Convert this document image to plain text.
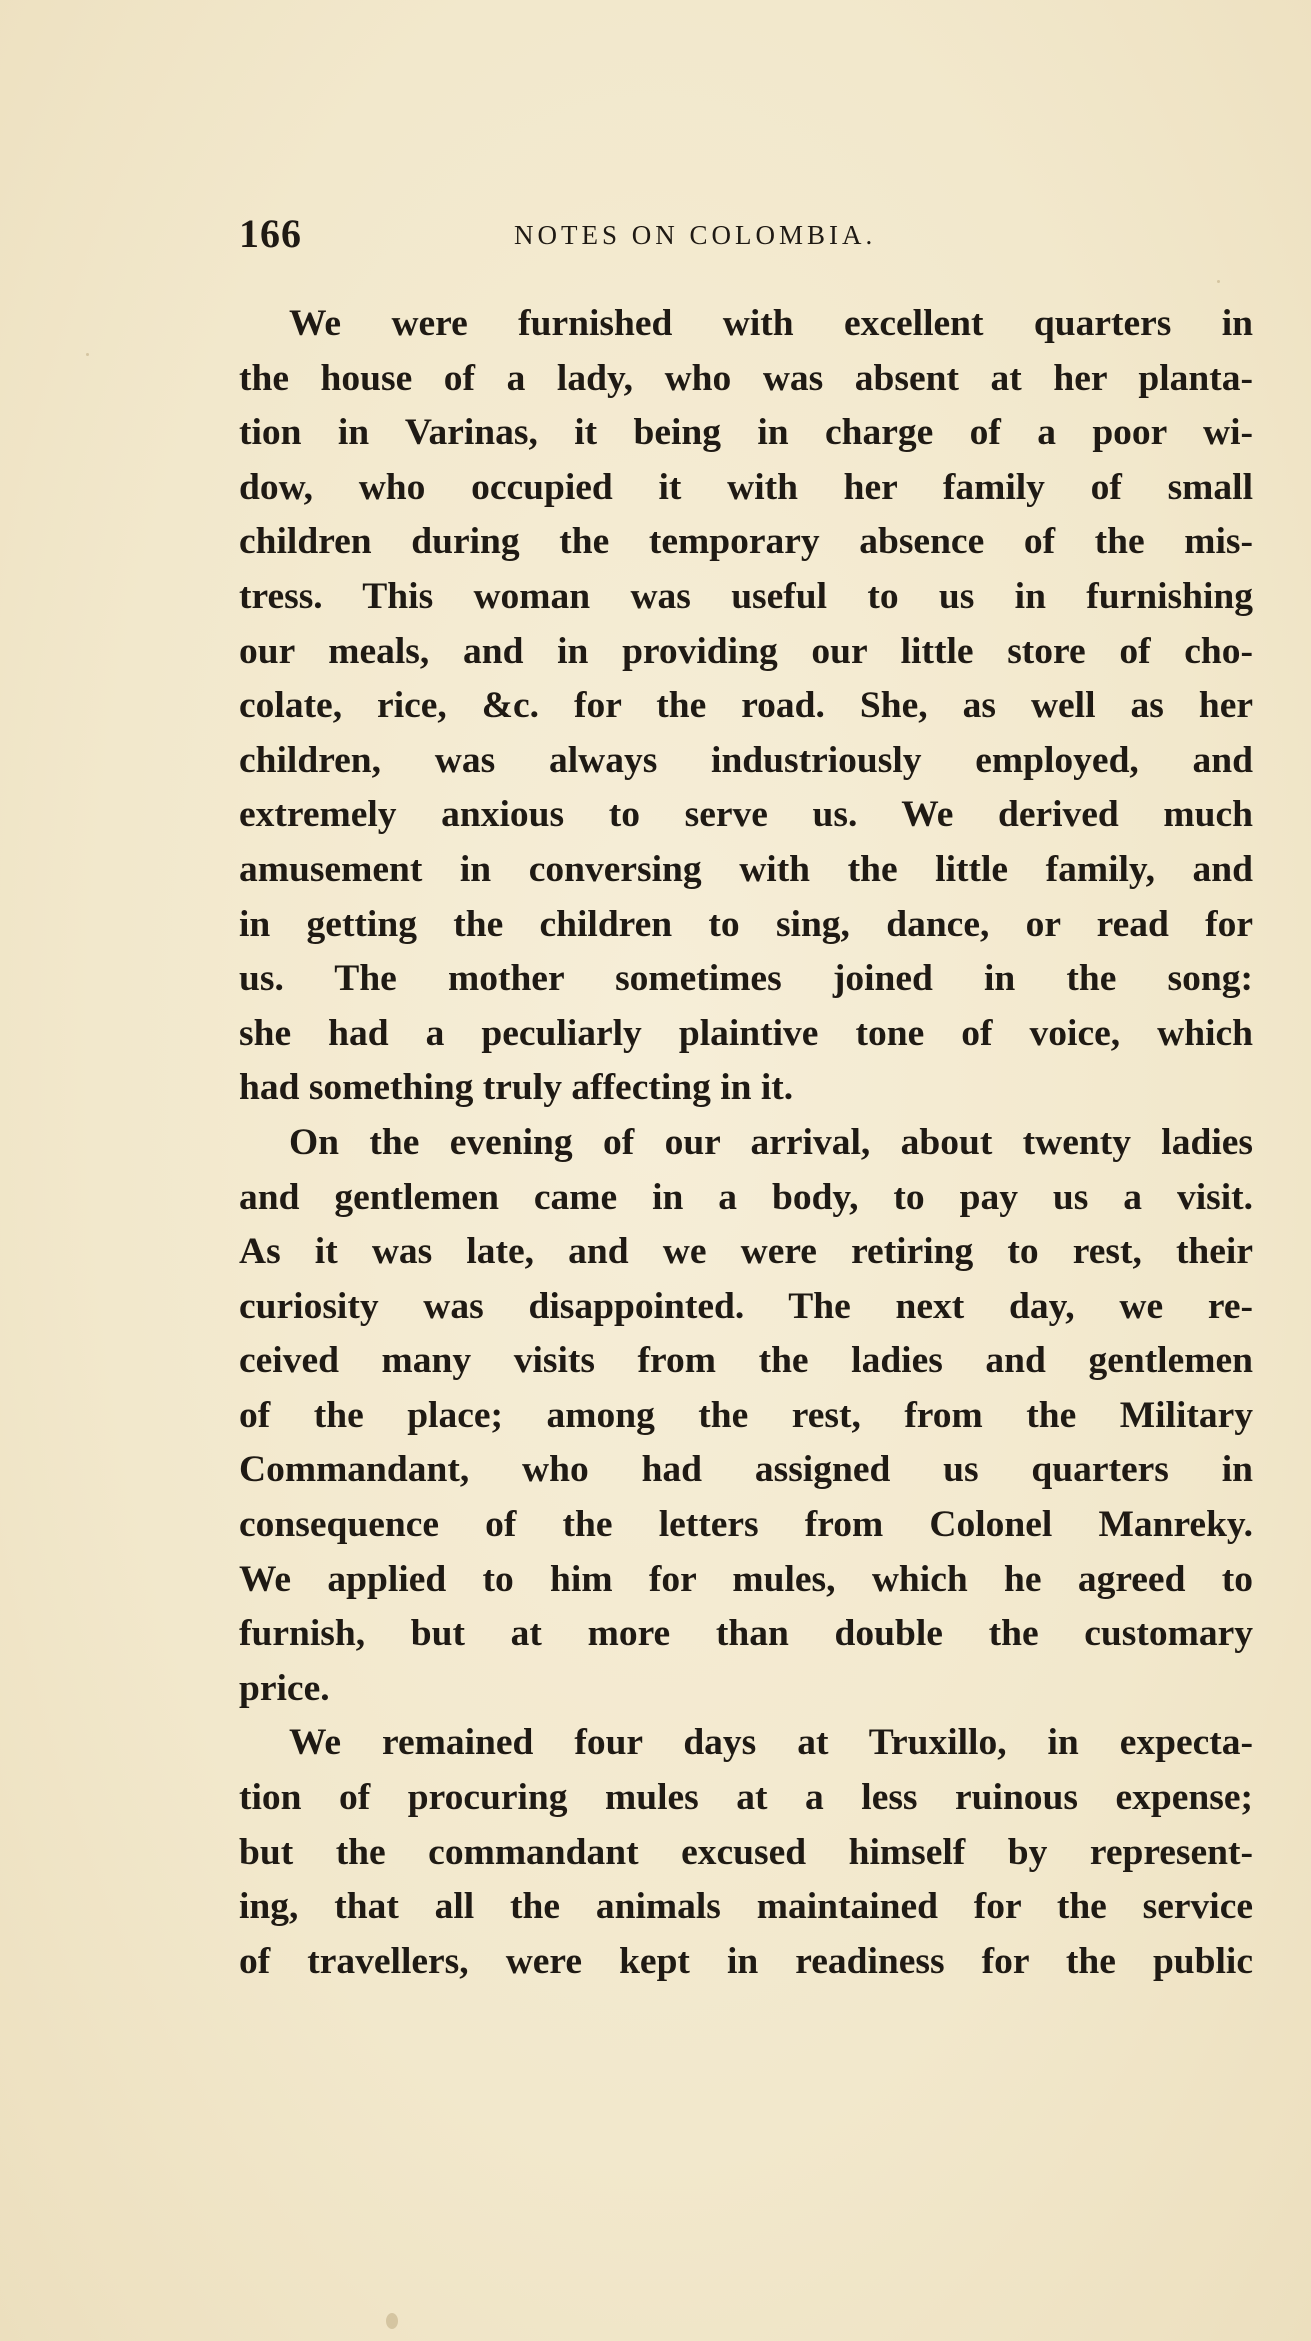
166	NOTES ON COLOMBIA.
We were furnished with excellent quarters in
the house of a lady, who was absent at her planta-
tion in Varinas, it being in charge of a poor wi-
dow, who occupied it with her family of small
children during the temporary absence of the mis-
tress. This woman was useful to us in furnishing
our meals, and in providing our little store of cho-
colate, rice, &c. for the road. She, as well as her
children, was always industriously employed, and
extremely anxious to serve us. We derived much
amusement in conversing with the little family, and
in getting the children to sing, dance, or read for
us. The mother sometimes joined in the song:
she had a peculiarly plaintive tone of voice, which
had something truly affecting in it.
On the evening of our arrival, about twenty ladies
and gentlemen came in a body, to pay us a visit.
As it was late, and we were retiring to rest, their
curiosity was disappointed. The next day, we re-
ceived many visits from the ladies and gentlemen
of the place; among the rest, from the Military
Commandant, who had assigned us quarters in
consequence of the letters from Colonel Manreky.
We applied to him for mules, which he agreed to
furnish, but at more than double the customary
price.
We remained four days at Truxillo, in expecta-
tion of procuring mules at a less ruinous expense;
but the commandant excused himself by represent-
ing, that all the animals maintained for the service
of travellers, were kept in readiness for the public
